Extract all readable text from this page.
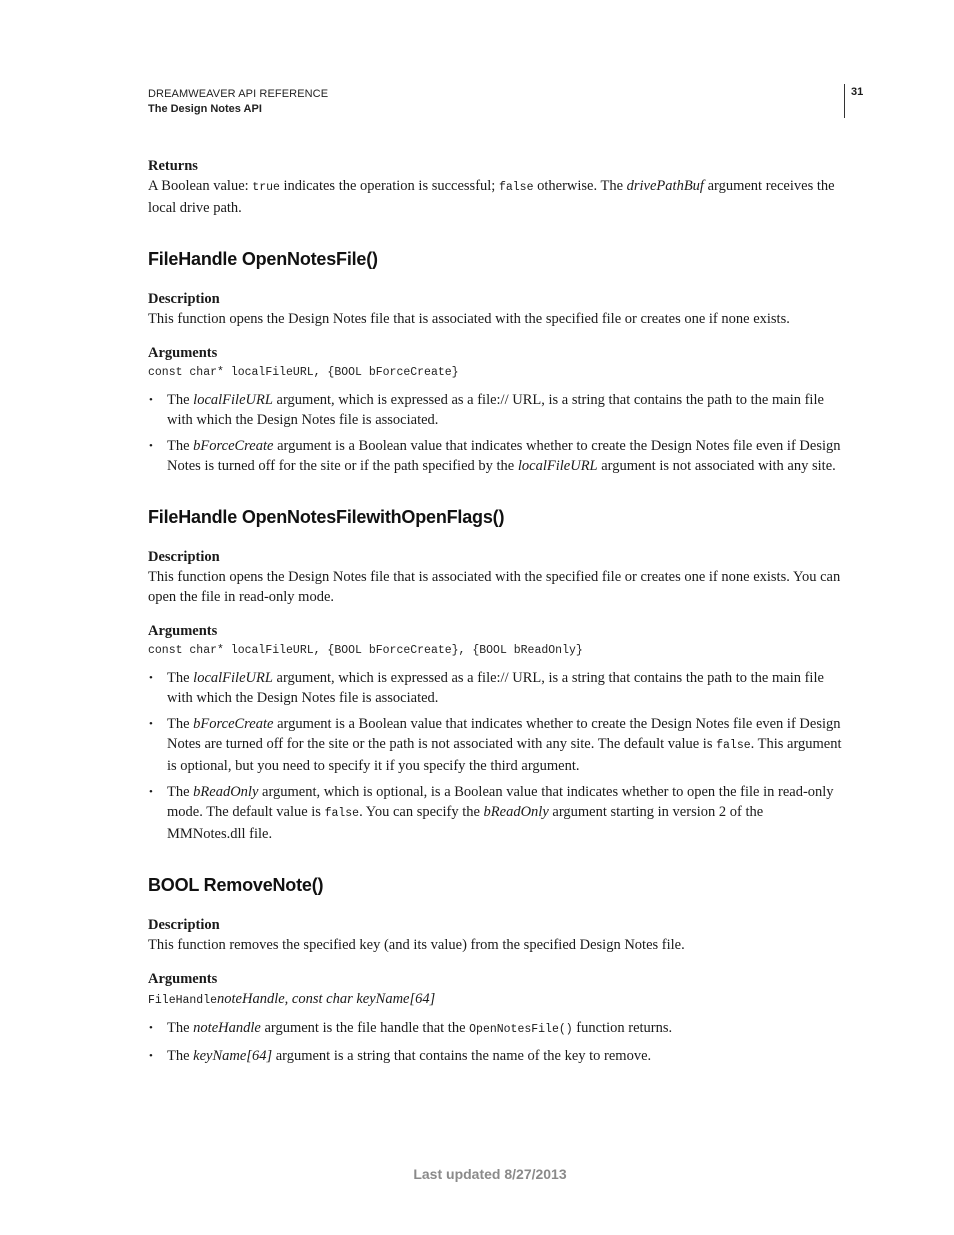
DREAMWEAVER API REFERENCE
The Design Notes API
31

Returns

A Boolean value: true indicates the operation is successful; false otherwise. The drivePathBuf argument receives the local drive path.

FileHandle OpenNotesFile()

Description

This function opens the Design Notes file that is associated with the specified file or creates one if none exists.

Arguments

const char* localFileURL, {BOOL bForceCreate}

• The localFileURL argument, which is expressed as a file:// URL, is a string that contains the path to the main file with which the Design Notes file is associated.
• The bForceCreate argument is a Boolean value that indicates whether to create the Design Notes file even if Design Notes is turned off for the site or if the path specified by the localFileURL argument is not associated with any site.
FileHandle OpenNotesFilewithOpenFlags()

Description

This function opens the Design Notes file that is associated with the specified file or creates one if none exists. You can open the file in read-only mode.

Arguments

const char* localFileURL, {BOOL bForceCreate}, {BOOL bReadOnly}

• The localFileURL argument, which is expressed as a file:// URL, is a string that contains the path to the main file with which the Design Notes file is associated.
• The bForceCreate argument is a Boolean value that indicates whether to create the Design Notes file even if Design Notes are turned off for the site or the path is not associated with any site. The default value is false. This argument is optional, but you need to specify it if you specify the third argument.
• The bReadOnly argument, which is optional, is a Boolean value that indicates whether to open the file in read-only mode. The default value is false. You can specify the bReadOnly argument starting in version 2 of the MMNotes.dll file.
BOOL RemoveNote()

Description

This function removes the specified key (and its value) from the specified Design Notes file.

Arguments

FileHandlenoteHandle, const char keyName[64]

• The noteHandle argument is the file handle that the OpenNotesFile() function returns.
• The keyName[64] argument is a string that contains the name of the key to remove.
Last updated 8/27/2013
